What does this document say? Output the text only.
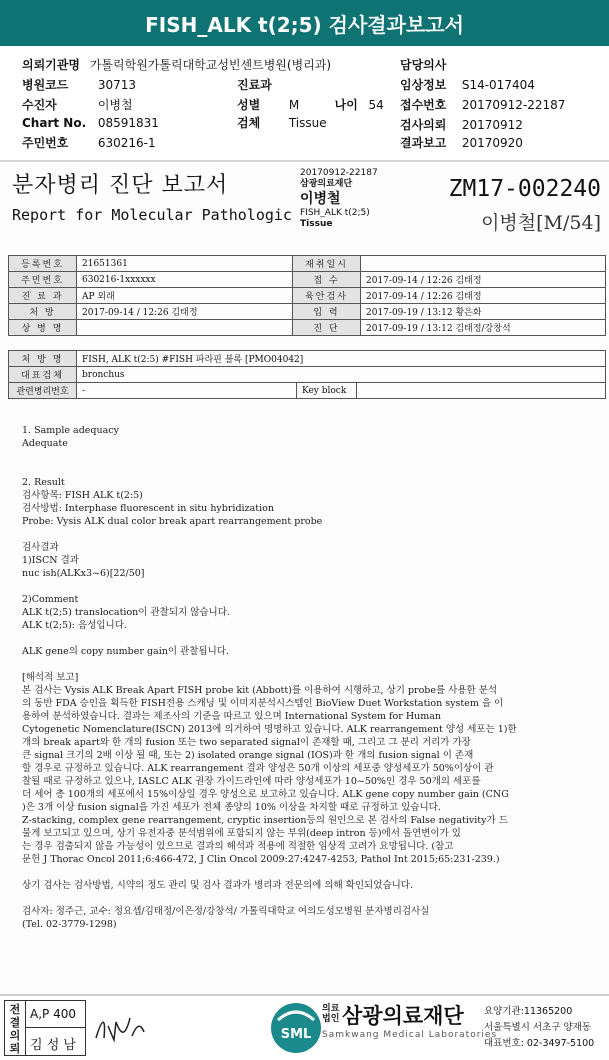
FISH_ALK t(2;5) 검사결과보고서
의뢰기관명 가톨릭학원가톨릭대학교성빈센트병원(병리과)	담당의사
병원코드 30713	진료과	임상정보 S14-017404
수진자	이병철	성별 M	나이 54 접수번호 20170912-22187
Chart No. 08591831	검체 Tissue	검사의뢰 20170912
주민번호 630216-1	결과보고 20170920
분자병리 진단 보고서
Report for Molecular Pathologic
20170912-22187
삼광의료재단
이병철
FISH_ALK t(2;5)
Tissue
ZM17-002240
이병철[M/54]
등록번호	21651361	재취일시	
주민번호	630216-1xxxxxx	접 수	2017-09-14 / 12:26 김태정
진 료 과	AP 외래	육안검사	2017-09-14 / 12:26 김태정
처 방	2017-09-14 / 12:26 김태정	입 력	2017-09-19 / 13:12 황은화
상 병 명		진 단	2017-09-19 / 13:12 김태정/강창석
처 방 명	FISH, ALK t(2:5) #FISH 파라핀 블록 [PMO04042]		
대표검체	bronchus		
관련병리번호	-	Key block	
1. Sample adequacy
Adequate
2. Result
검사항목: FISH ALK t(2:5)
검사방법: Interphase fluorescent in situ hybridization
Probe: Vysis ALK dual color break apart rearrangement probe
검사결과
1)ISCN 결과
nuc ish(ALKx3~6)[22/50]
2)Comment
ALK t(2;5) translocation이 관찰되지 않습니다.
ALK t(2;5): 음성입니다.
ALK gene의 copy number gain이 관찰됩니다.
[해석적 보고]
본 검사는 Vysis ALK Break Apart FISH probe kit (Abbott)를 이용하여 시행하고, 상기 probe를 사용한 분석
의 동반 FDA 승인을 획득한 FISH전용 스캐닝 및 이미지분석시스템인 BioView Duet Workstation system 을 이
용하여 분석하였습니다. 결과는 제조사의 기준을 따르고 있으며 International System for Human
Cytogenetic Nomenclature(ISCN) 2013에 의거하여 명명하고 있습니다. ALK rearrangement 양성 세포는 1)한
개의 break apart와 한 개의 fusion 또는 two separated signal이 존재할 때, 그리고 그 분리 거리가 가장
큰 signal 크기의 2배 이상 될 때, 또는 2) isolated orange signal (IOS)과 한 개의 fusion signal 이 존재
할 경우로 규정하고 있습니다. ALK rearrangement 결과 양성은 50개 이상의 세포중 양성세포가 50%이상이 관
찰될 때로 규정하고 있으나, IASLC ALK 권장 가이드라인에 따라 양성세포가 10~50%인 경우 50개의 세포를
더 세어 총 100개의 세포에서 15%이상일 경우 양성으로 보고하고 있습니다. ALK gene copy number gain (CNG
)은 3개 이상 fusion signal을 가진 세포가 전체 종양의 10% 이상을 차지할 때로 규정하고 있습니다.
Z-stacking, complex gene rearrangement, cryptic insertion등의 원인으로 본 검사의 False negativity가 드
물게 보고되고 있으며, 상기 유전자중 분석범위에 포함되지 않는 부위(deep intron 등)에서 돌연변이가 있
는 경우 검출되지 않을 가능성이 있으므로 결과의 해석과 적용에 적절한 임상적 고려가 요망됩니다. (참고
문헌 J Thorac Oncol 2011;6:466-472, J Clin Oncol 2009:27:4247-4253, Pathol Int 2015;65:231-239.)
상기 검사는 검사방법, 시약의 정도 관리 및 검사 결과가 병리과 전문의에 의해 확인되었습니다.
검사자: 정주근, 교수: 정요셉/김태정/이은정/강창석/ 가톨릭대학교 여의도성모병원 분자병리검사실
(Tel. 02-3779-1298)
전결의뢰
A,P 400
김 성 남
SML
의료
법인 삼광의료재단
Samkwang Medical Laboratories
요양기관:11365200
서울특별시 서초구 양재동
대표번호: 02-3497-5100
